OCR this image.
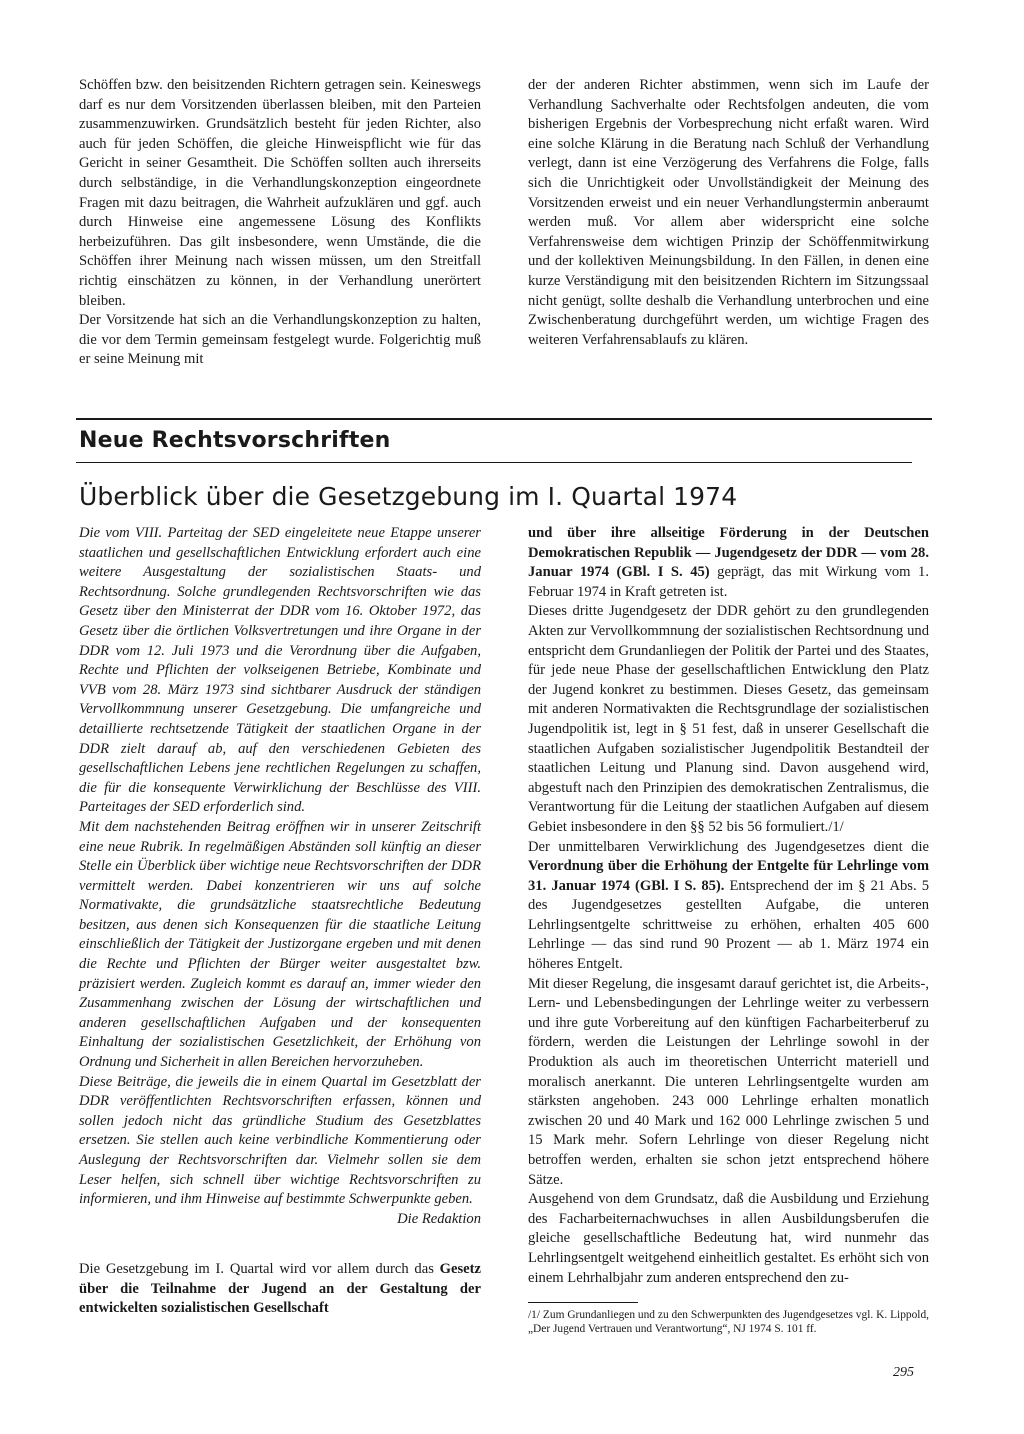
Schöffen bzw. den beisitzenden Richtern getragen sein. Keineswegs darf es nur dem Vorsitzenden überlassen bleiben, mit den Parteien zusammenzuwirken. Grundsätzlich besteht für jeden Richter, also auch für jeden Schöffen, die gleiche Hinweispflicht wie für das Gericht in seiner Gesamtheit. Die Schöffen sollten auch ihrerseits durch selbständige, in die Verhandlungskonzeption eingeordnete Fragen mit dazu beitragen, die Wahrheit aufzuklären und ggf. auch durch Hinweise eine angemessene Lösung des Konflikts herbeizuführen. Das gilt insbesondere, wenn Umstände, die die Schöffen ihrer Meinung nach wissen müssen, um den Streitfall richtig einschätzen zu können, in der Verhandlung unerörtert bleiben.

Der Vorsitzende hat sich an die Verhandlungskonzeption zu halten, die vor dem Termin gemeinsam festgelegt wurde. Folgerichtig muß er seine Meinung mit

der der anderen Richter abstimmen, wenn sich im Laufe der Verhandlung Sachverhalte oder Rechtsfolgen andeuten, die vom bisherigen Ergebnis der Vorbesprechung nicht erfaßt waren. Wird eine solche Klärung in die Beratung nach Schluß der Verhandlung verlegt, dann ist eine Verzögerung des Verfahrens die Folge, falls sich die Unrichtigkeit oder Unvollständigkeit der Meinung des Vorsitzenden erweist und ein neuer Verhandlungstermin anberaumt werden muß. Vor allem aber widerspricht eine solche Verfahrensweise dem wichtigen Prinzip der Schöffenmitwirkung und der kollektiven Meinungsbildung. In den Fällen, in denen eine kurze Verständigung mit den beisitzenden Richtern im Sitzungssaal nicht genügt, sollte deshalb die Verhandlung unterbrochen und eine Zwischenberatung durchgeführt werden, um wichtige Fragen des weiteren Verfahrensablaufs zu klären.

Neue Rechtsvorschriften
Überblick über die Gesetzgebung im I. Quartal 1974

Die vom VIII. Parteitag der SED eingeleitete neue Etappe unserer staatlichen und gesellschaftlichen Entwicklung erfordert auch eine weitere Ausgestaltung der sozialistischen Staats- und Rechtsordnung. Solche grundlegenden Rechtsvorschriften wie das Gesetz über den Ministerrat der DDR vom 16. Oktober 1972, das Gesetz über die örtlichen Volksvertretungen und ihre Organe in der DDR vom 12. Juli 1973 und die Verordnung über die Aufgaben, Rechte und Pflichten der volkseigenen Betriebe, Kombinate und VVB vom 28. März 1973 sind sichtbarer Ausdruck der ständigen Vervollkommnung unserer Gesetzgebung. Die umfangreiche und detaillierte rechtsetzende Tätigkeit der staatlichen Organe in der DDR zielt darauf ab, auf den verschiedenen Gebieten des gesellschaftlichen Lebens jene rechtlichen Regelungen zu schaffen, die für die konsequente Verwirklichung der Beschlüsse des VIII. Parteitages der SED erforderlich sind.

Mit dem nachstehenden Beitrag eröffnen wir in unserer Zeitschrift eine neue Rubrik. In regelmäßigen Abständen soll künftig an dieser Stelle ein Überblick über wichtige neue Rechtsvorschriften der DDR vermittelt werden. Dabei konzentrieren wir uns auf solche Normativakte, die grundsätzliche staatsrechtliche Bedeutung besitzen, aus denen sich Konsequenzen für die staatliche Leitung einschließlich der Tätigkeit der Justizorgane ergeben und mit denen die Rechte und Pflichten der Bürger weiter ausgestaltet bzw. präzisiert werden. Zugleich kommt es darauf an, immer wieder den Zusammenhang zwischen der Lösung der wirtschaftlichen und anderen gesellschaftlichen Aufgaben und der konsequenten Einhaltung der sozialistischen Gesetzlichkeit, der Erhöhung von Ordnung und Sicherheit in allen Bereichen hervorzuheben.

Diese Beiträge, die jeweils die in einem Quartal im Gesetzblatt der DDR veröffentlichten Rechtsvorschriften erfassen, können und sollen jedoch nicht das gründliche Studium des Gesetzblattes ersetzen. Sie stellen auch keine verbindliche Kommentierung oder Auslegung der Rechtsvorschriften dar. Vielmehr sollen sie dem Leser helfen, sich schnell über wichtige Rechtsvorschriften zu informieren, und ihm Hinweise auf bestimmte Schwerpunkte geben.

Die Redaktion

Die Gesetzgebung im I. Quartal wird vor allem durch das Gesetz über die Teilnahme der Jugend an der Gestaltung der entwickelten sozialistischen Gesellschaft

und über ihre allseitige Förderung in der Deutschen Demokratischen Republik — Jugendgesetz der DDR — vom 28. Januar 1974 (GBl. I S. 45) geprägt, das mit Wirkung vom 1. Februar 1974 in Kraft getreten ist.

Dieses dritte Jugendgesetz der DDR gehört zu den grundlegenden Akten zur Vervollkommnung der sozialistischen Rechtsordnung und entspricht dem Grundanliegen der Politik der Partei und des Staates, für jede neue Phase der gesellschaftlichen Entwicklung den Platz der Jugend konkret zu bestimmen. Dieses Gesetz, das gemeinsam mit anderen Normativakten die Rechtsgrundlage der sozialistischen Jugendpolitik ist, legt in § 51 fest, daß in unserer Gesellschaft die staatlichen Aufgaben sozialistischer Jugendpolitik Bestandteil der staatlichen Leitung und Planung sind. Davon ausgehend wird, abgestuft nach den Prinzipien des demokratischen Zentralismus, die Verantwortung für die Leitung der staatlichen Aufgaben auf diesem Gebiet insbesondere in den §§ 52 bis 56 formuliert./1/

Der unmittelbaren Verwirklichung des Jugendgesetzes dient die Verordnung über die Erhöhung der Entgelte für Lehrlinge vom 31. Januar 1974 (GBl. I S. 85). Entsprechend der im § 21 Abs. 5 des Jugendgesetzes gestellten Aufgabe, die unteren Lehrlingsentgelte schrittweise zu erhöhen, erhalten 405 600 Lehrlinge — das sind rund 90 Prozent — ab 1. März 1974 ein höheres Entgelt.

Mit dieser Regelung, die insgesamt darauf gerichtet ist, die Arbeits-, Lern- und Lebensbedingungen der Lehrlinge weiter zu verbessern und ihre gute Vorbereitung auf den künftigen Facharbeiterberuf zu fördern, werden die Leistungen der Lehrlinge sowohl in der Produktion als auch im theoretischen Unterricht materiell und moralisch anerkannt. Die unteren Lehrlingsentgelte wurden am stärksten angehoben. 243 000 Lehrlinge erhalten monatlich zwischen 20 und 40 Mark und 162 000 Lehrlinge zwischen 5 und 15 Mark mehr. Sofern Lehrlinge von dieser Regelung nicht betroffen werden, erhalten sie schon jetzt entsprechend höhere Sätze.

Ausgehend von dem Grundsatz, daß die Ausbildung und Erziehung des Facharbeiternachwuchses in allen Ausbildungsberufen die gleiche gesellschaftliche Bedeutung hat, wird nunmehr das Lehrlingsentgelt weitgehend einheitlich gestaltet. Es erhöht sich von einem Lehrhalbjahr zum anderen entsprechend den zu-

/1/ Zum Grundanliegen und zu den Schwerpunkten des Jugendgesetzes vgl. K. Lippold, „Der Jugend Vertrauen und Verantwortung“, NJ 1974 S. 101 ff.
295
